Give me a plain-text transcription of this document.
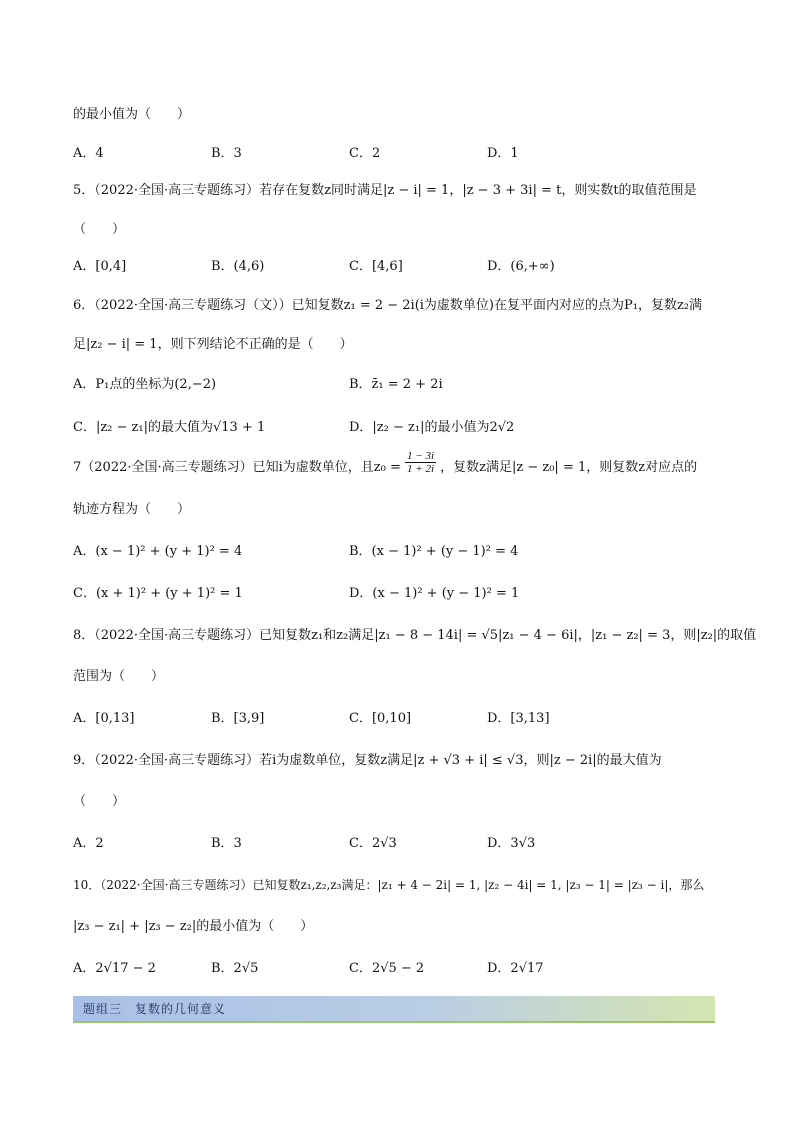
的最小值为（　　）
A．4	B．3	C．2	D．1
5．（2022·全国·高三专题练习）若存在复数z同时满足|z − i| = 1，|z − 3 + 3i| = t，则实数t的取值范围是
（　　）
A．[0,4]	B．(4,6)	C．[4,6]	D．(6,+∞)
6．（2022·全国·高三专题练习（文））已知复数z₁ = 2 − 2i(i为虚数单位)在复平面内对应的点为P₁，复数z₂满
足|z₂ − i| = 1，则下列结论不正确的是（　　）
A．P₁点的坐标为(2,−2)	B．z̄₁ = 2 + 2i
C．|z₂ − z₁|的最大值为√13 + 1	D．|z₂ − z₁|的最小值为2√2
7（2022·全国·高三专题练习）已知i为虚数单位，且$z_0 = \frac{1 - 3i}{1 + 2i}$ ，复数z满足|z − z₀| = 1，则复数z对应点的
轨迹方程为（　　）
A．(x − 1)² + (y + 1)² = 4	B．(x − 1)² + (y − 1)² = 4
C．(x + 1)² + (y + 1)² = 1	D．(x − 1)² + (y − 1)² = 1
8．（2022·全国·高三专题练习）已知复数z₁和z₂满足|z₁ − 8 − 14i| = √5|z₁ − 4 − 6i|，|z₁ − z₂| = 3，则|z₂|的取值
范围为（　　）
A．[0,13]	B．[3,9]	C．[0,10]	D．[3,13]
9．（2022·全国·高三专题练习）若i为虚数单位，复数z满足|z + √3 + i| ≤ √3，则|z − 2i|的最大值为
（　　）
A．2	B．3	C．2√3	D．3√3
10．（2022·全国·高三专题练习）已知复数z₁,z₂,z₃满足：|z₁ + 4 − 2i| = 1, |z₂ − 4i| = 1, |z₃ − 1| = |z₃ − i|，那么
|z₃ − z₁| + |z₃ − z₂|的最小值为（　　）
A．2√17 − 2	B．2√5	C．2√5 − 2	D．2√17
题组三　复数的几何意义
